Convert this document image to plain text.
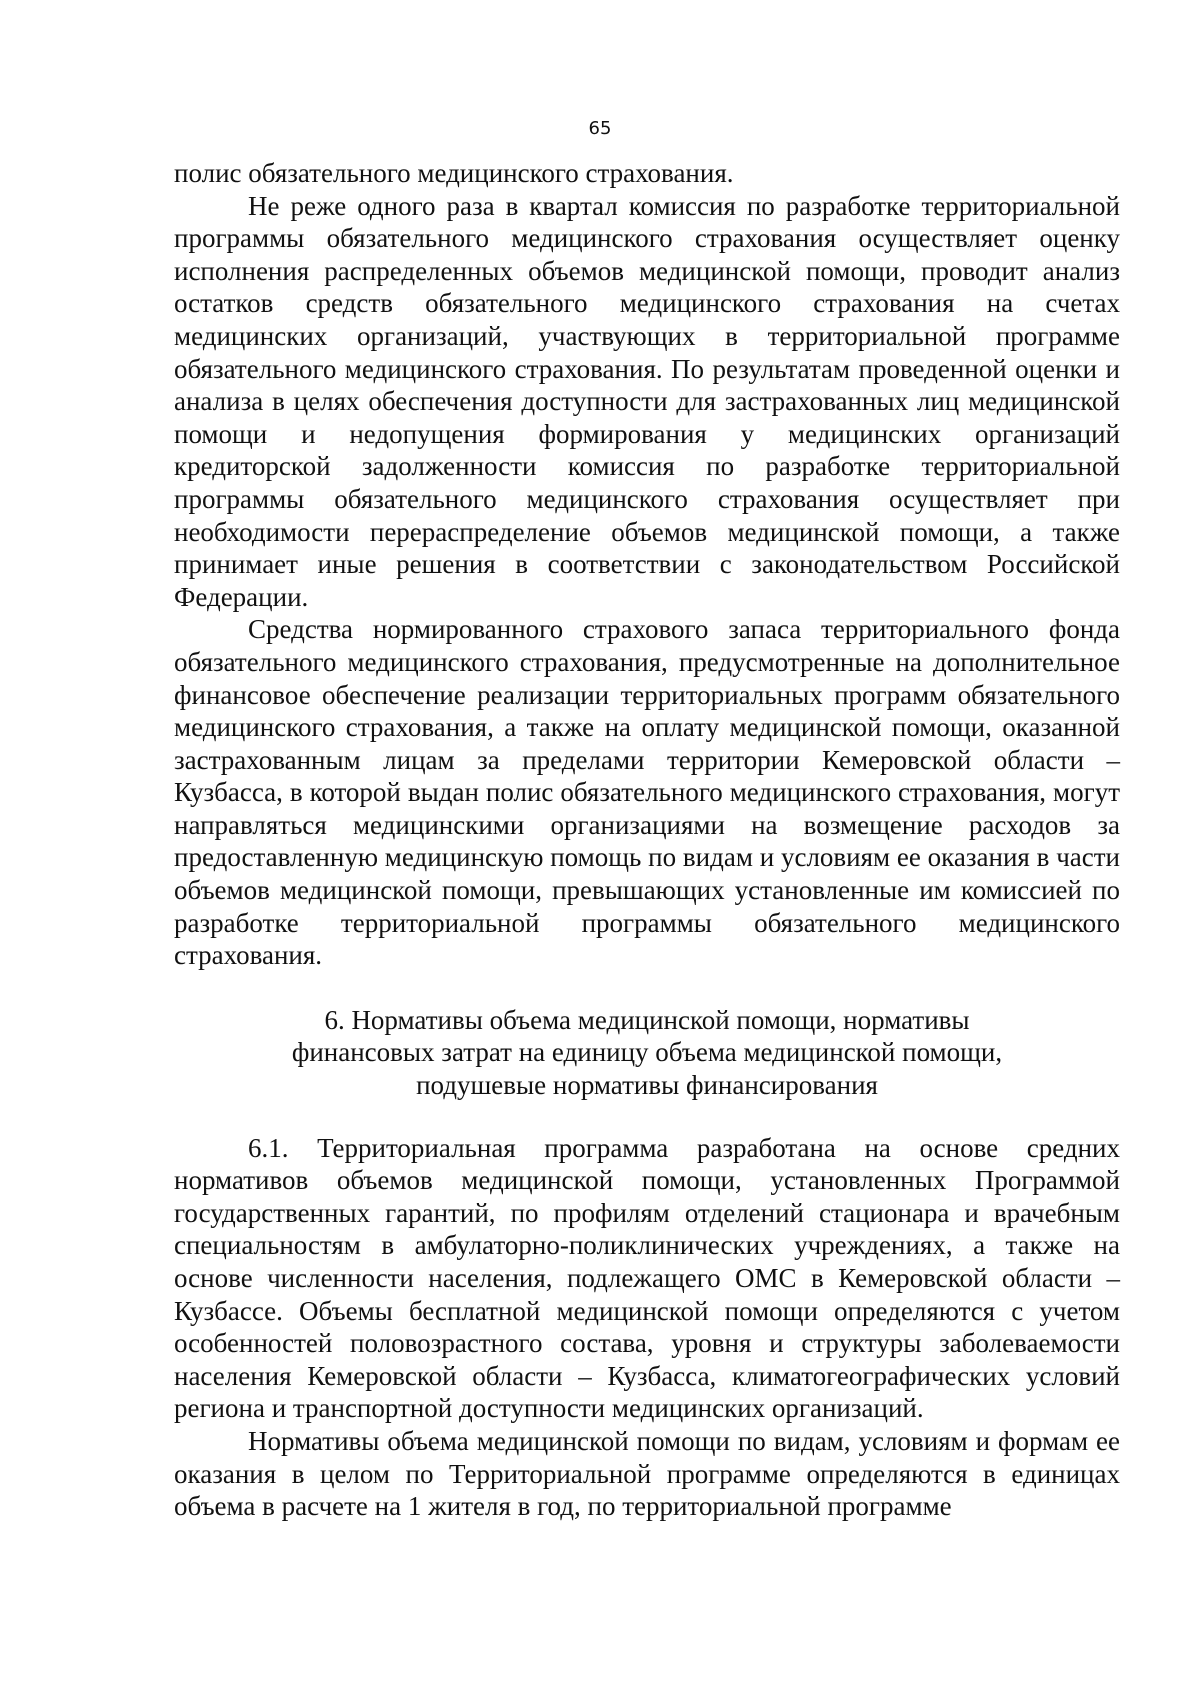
65

полис обязательного медицинского страхования.

Не реже одного раза в квартал комиссия по разработке территориальной программы обязательного медицинского страхования осуществляет оценку исполнения распределенных объемов медицинской помощи, проводит анализ остатков средств обязательного медицинского страхования на счетах медицинских организаций, участвующих в территориальной программе обязательного медицинского страхования. По результатам проведенной оценки и анализа в целях обеспечения доступности для застрахованных лиц медицинской помощи и недопущения формирования у медицинских организаций кредиторской задолженности комиссия по разработке территориальной программы обязательного медицинского страхования осуществляет при необходимости перераспределение объемов медицинской помощи, а также принимает иные решения в соответствии с законодательством Российской Федерации.

Средства нормированного страхового запаса территориального фонда обязательного медицинского страхования, предусмотренные на дополнительное финансовое обеспечение реализации территориальных программ обязательного медицинского страхования, а также на оплату медицинской помощи, оказанной застрахованным лицам за пределами территории Кемеровской области – Кузбасса, в которой выдан полис обязательного медицинского страхования, могут направляться медицинскими организациями на возмещение расходов за предоставленную медицинскую помощь по видам и условиям ее оказания в части объемов медицинской помощи, превышающих установленные им комиссией по разработке территориальной программы обязательного медицинского страхования.

6. Нормативы объема медицинской помощи, нормативы
финансовых затрат на единицу объема медицинской помощи,
подушевые нормативы финансирования

6.1. Территориальная программа разработана на основе средних нормативов объемов медицинской помощи, установленных Программой государственных гарантий, по профилям отделений стационара и врачебным специальностям в амбулаторно-поликлинических учреждениях, а также на основе численности населения, подлежащего ОМС в Кемеровской области – Кузбассе. Объемы бесплатной медицинской помощи определяются с учетом особенностей половозрастного состава, уровня и структуры заболеваемости населения Кемеровской области – Кузбасса, климатогеографических условий региона и транспортной доступности медицинских организаций.

Нормативы объема медицинской помощи по видам, условиям и формам ее оказания в целом по Территориальной программе определяются в единицах объема в расчете на 1 жителя в год, по территориальной программе
